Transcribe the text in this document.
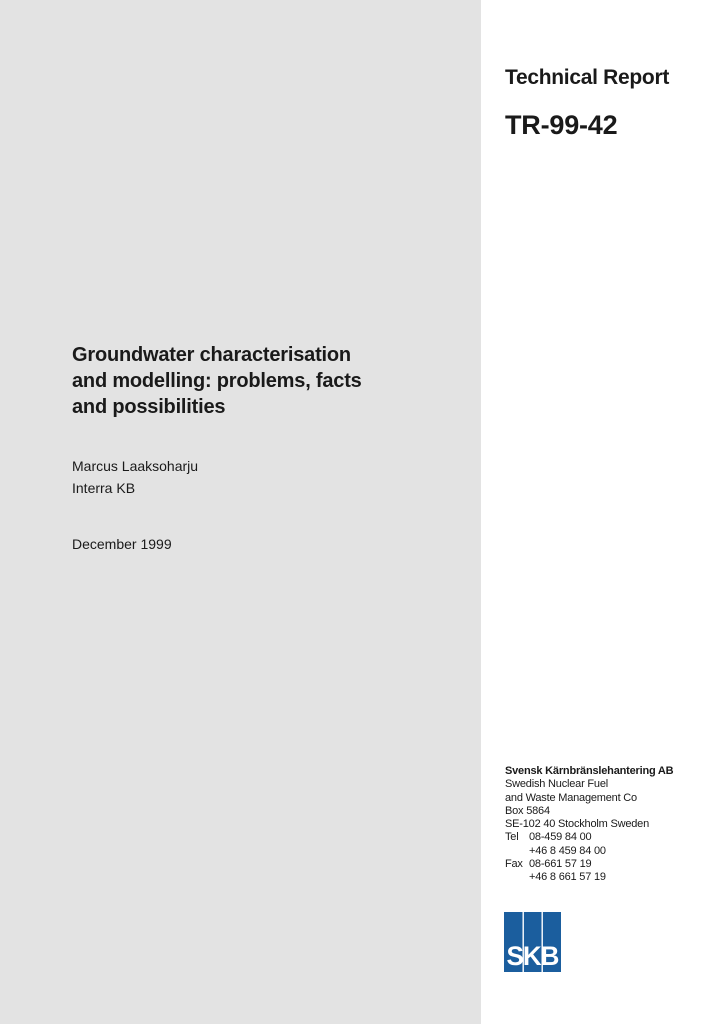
Technical Report
TR-99-42
Groundwater characterisation
and modelling: problems, facts
and possibilities
Marcus Laaksoharju
Interra KB
December 1999
Svensk Kärnbränslehantering AB
Swedish Nuclear Fuel
and Waste Management Co
Box 5864
SE-102 40 Stockholm Sweden
Tel 08-459 84 00
+46 8 459 84 00
Fax 08-661 57 19
+46 8 661 57 19
SKB
